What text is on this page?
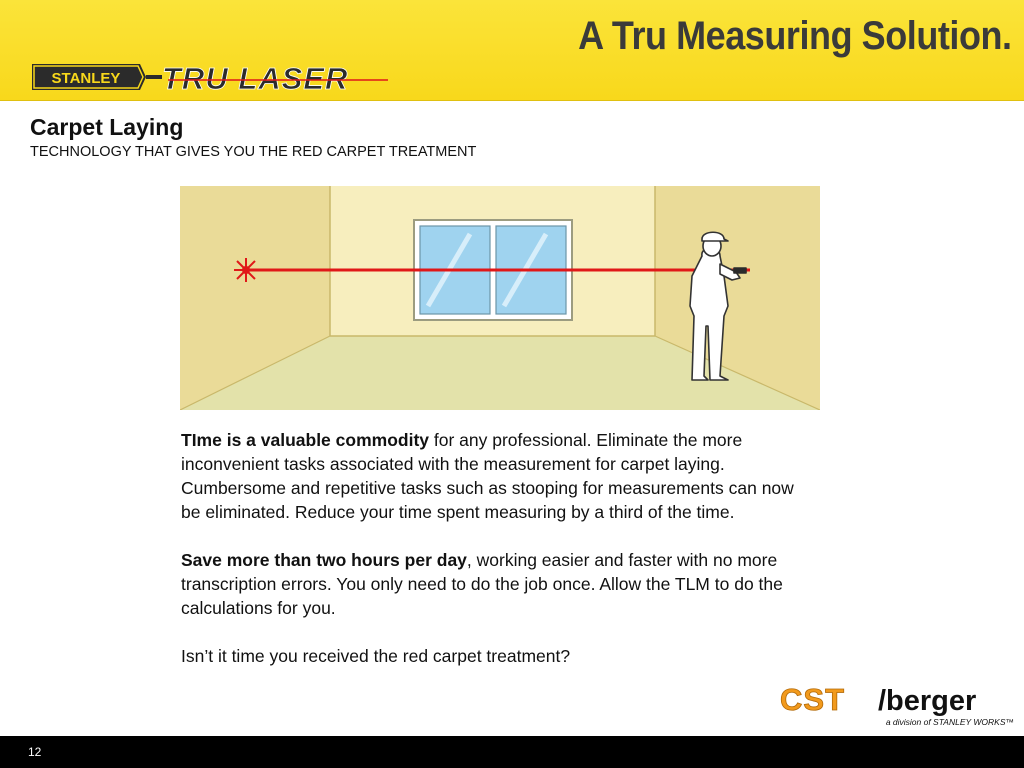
A Tru Measuring Solution.
STANLEY TRU LASER
Carpet Laying
TECHNOLOGY THAT GIVES YOU THE RED CARPET TREATMENT

TIme is a valuable commodity for any professional. Eliminate the more inconvenient tasks associated with the measurement for carpet laying. Cumbersome and repetitive tasks such as stooping for measurements can now be eliminated. Reduce your time spent measuring by a third of the time.

Save more than two hours per day, working easier and faster with no more transcription errors. You only need to do the job once. Allow the TLM to do the calculations for you.

Isn’t it time you received the red carpet treatment?

CST /berger
a division of STANLEY WORKS™
12
